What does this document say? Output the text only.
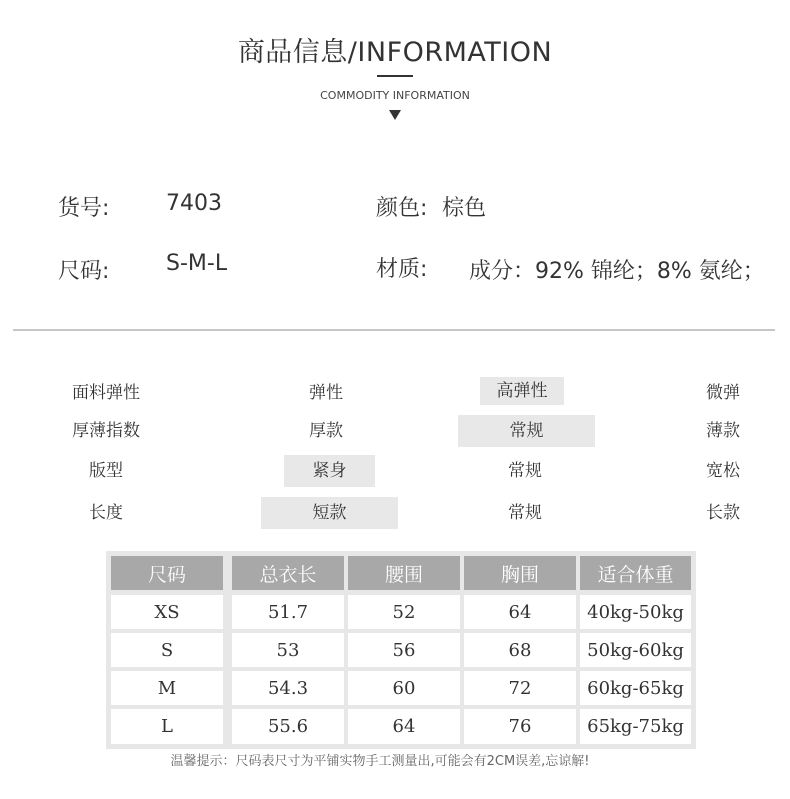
商品信息/INFORMATION
COMMODITY INFORMATION
货号:	7403	颜色: 棕色
尺码:	S-M-L	材质: 成分：92% 锦纶；8% 氨纶；
面料弹性	弹性	高弹性	微弹
厚薄指数	厚款	常规	薄款
版型	紧身	常规	宽松
长度	短款	常规	长款
尺码	总衣长	腰围	胸围	适合体重
XS	51.7	52	64	40kg-50kg
S	53	56	68	50kg-60kg
M	54.3	60	72	60kg-65kg
L	55.6	64	76	65kg-75kg
温馨提示：尺码表尺寸为平铺实物手工测量出,可能会有2CM误差,忘谅解!
